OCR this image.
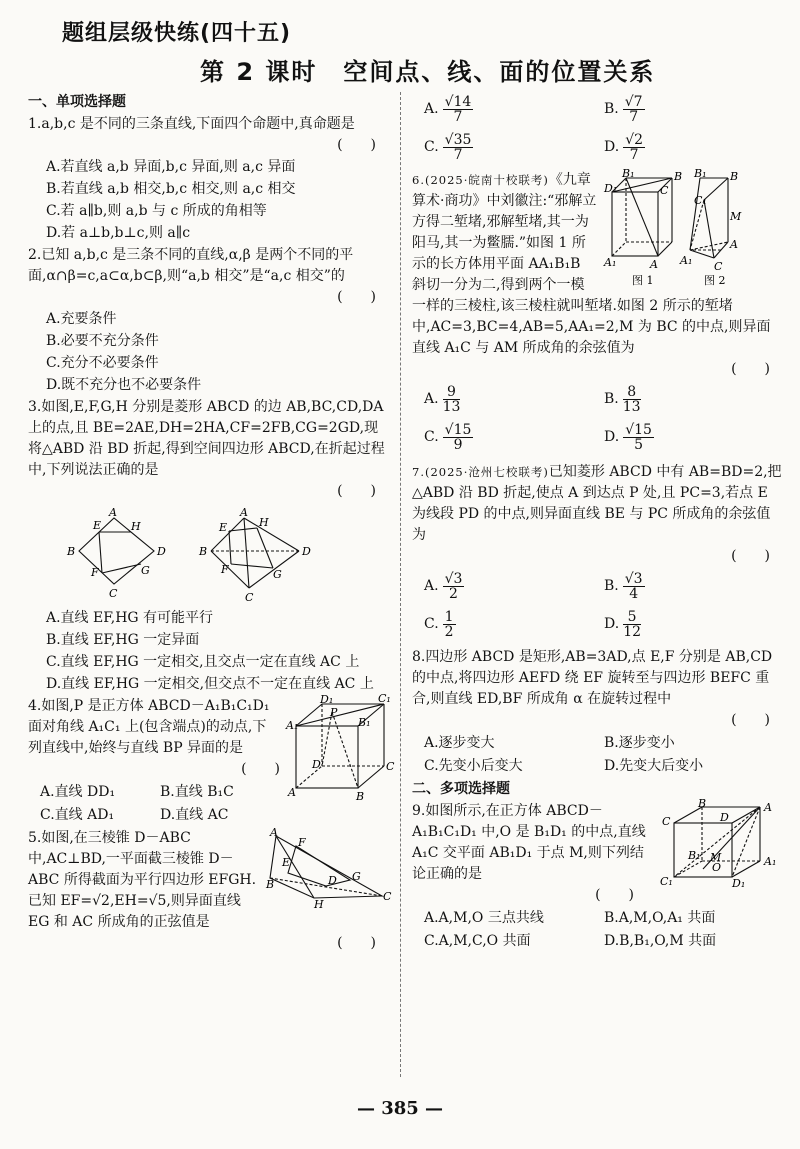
题组层级快练(四十五)
第 2 课时　空间点、线、面的位置关系
一、单项选择题
1.a,b,c 是不同的三条直线,下面四个命题中,真命题是
(　　)
A.若直线 a,b 异面,b,c 异面,则 a,c 异面
B.若直线 a,b 相交,b,c 相交,则 a,c 相交
C.若 a∥b,则 a,b 与 c 所成的角相等
D.若 a⊥b,b⊥c,则 a∥c
2.已知 a,b,c 是三条不同的直线,α,β 是两个不同的平面,α∩β=c,a⊂α,b⊂β,则“a,b 相交”是“a,c 相交”的
(　　)
A.充要条件
B.必要不充分条件
C.充分不必要条件
D.既不充分也不必要条件
3.如图,E,F,G,H 分别是菱形 ABCD 的边 AB,BC,CD,DA 上的点,且 BE=2AE,DH=2HA,CF=2FB,CG=2GD,现将△ABD 沿 BD 折起,得到空间四边形 ABCD,在折起过程中,下列说法正确的是
(　　)
A
E	H
B	D
F	G
C
A
E	H
B	D
F	G
C
A.直线 EF,HG 有可能平行
B.直线 EF,HG 一定异面
C.直线 EF,HG 一定相交,且交点一定在直线 AC 上
D.直线 EF,HG 一定相交,但交点不一定在直线 AC 上
D₁	C₁
P
A₁	B₁
D	C
A	B
4.如图,P 是正方体 ABCD－A₁B₁C₁D₁ 面对角线 A₁C₁ 上(包含端点)的动点,下列直线中,始终与直线 BP 异面的是
(　　)
A.直线 DD₁	B.直线 B₁C
C.直线 AD₁	D.直线 AC
A
F
E
B	D G
H
C
5.如图,在三棱锥 D－ABC 中,AC⊥BD,一平面截三棱锥 D－ABC 所得截面为平行四边形 EFGH.已知 EF=√2,EH=√5,则异面直线 EG 和 AC 所成角的正弦值是
(　　)
A. $\frac{√14}{7}$	B. $\frac{√7}{7}$
C. $\frac{√35}{7}$	D. $\frac{√2}{7}$
B₁	B
D₁	C
A₁	A
B₁ B
M
C₁
C
A₁
A
图 1	图 2
6.(2025·皖南十校联考)《九章算术·商功》中刘徽注:“邪解立方得二堑堵,邪解堑堵,其一为阳马,其一为鳖臑.”如图 1 所示的长方体用平面 AA₁B₁B 斜切一分为二,得到两个一模一样的三棱柱,该三棱柱就叫堑堵.如图 2 所示的堑堵中,AC=3,BC=4,AB=5,AA₁=2,M 为 BC 的中点,则异面直线 A₁C 与 AM 所成角的余弦值为
(　　)
A. $\frac{9}{13}$	B. $\frac{8}{13}$
C. $\frac{√15}{9}$	D. $\frac{√15}{5}$
7.(2025·沧州七校联考)已知菱形 ABCD 中有 AB=BD=2,把△ABD 沿 BD 折起,使点 A 到达点 P 处,且 PC=3,若点 E 为线段 PD 的中点,则异面直线 BE 与 PC 所成角的余弦值为
(　　)
A. $\frac{√3}{2}$	B. $\frac{√3}{4}$
C. $\frac{1}{2}$	D. $\frac{5}{12}$
8.四边形 ABCD 是矩形,AB=3AD,点 E,F 分别是 AB,CD 的中点,将四边形 AEFD 绕 EF 旋转至与四边形 BEFC 重合,则直线 ED,BF 所成角 α 在旋转过程中
(　　)
A.逐步变大	B.逐步变小
C.先变小后变大	D.先变大后变小
二、多项选择题
B	A
C	D
M
O	A₁
C₁	D₁
B₁
9.如图所示,在正方体 ABCD－A₁B₁C₁D₁ 中,O 是 B₁D₁ 的中点,直线 A₁C 交平面 AB₁D₁ 于点 M,则下列结论正确的是
(　　)
A.A,M,O 三点共线	B.A,M,O,A₁ 共面
C.A,M,C,O 共面	D.B,B₁,O,M 共面
— 385 —
